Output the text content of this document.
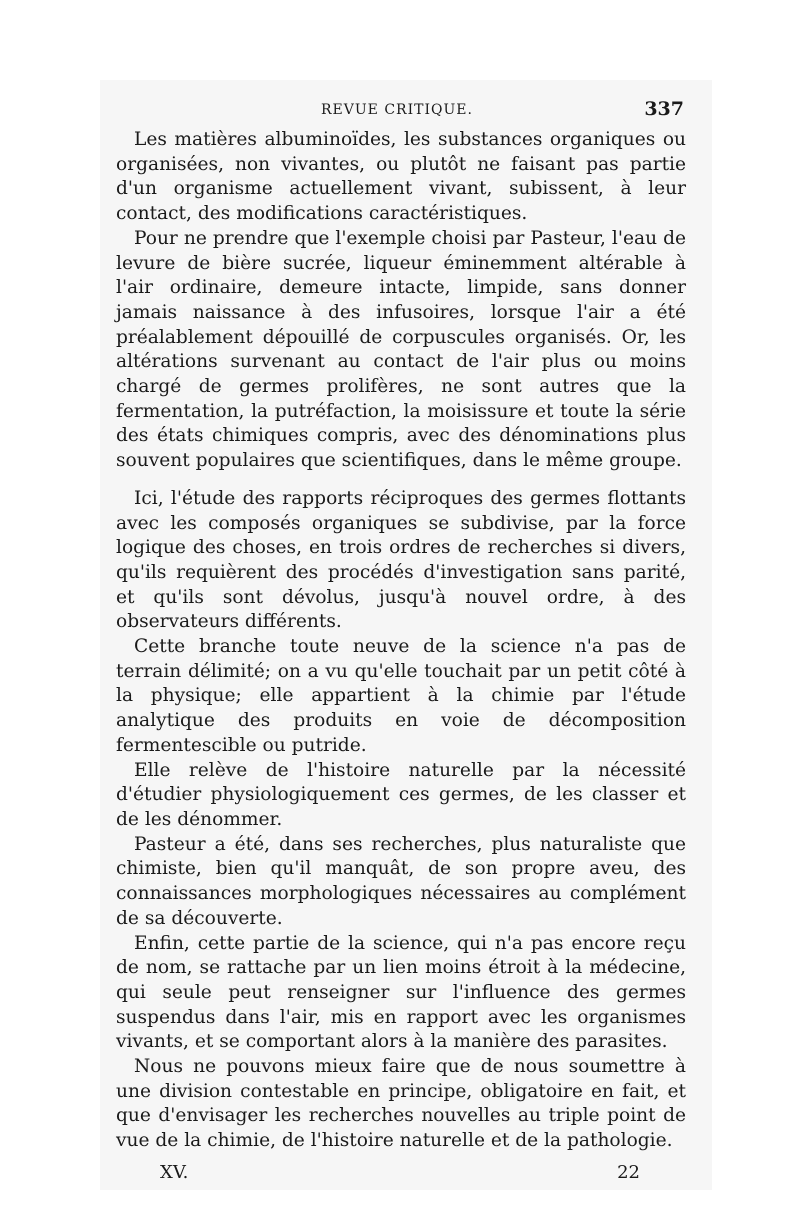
REVUE CRITIQUE.	337

Les matières albuminoïdes, les substances organiques ou organisées, non vivantes, ou plutôt ne faisant pas partie d'un organisme actuellement vivant, subissent, à leur contact, des modifications caractéristiques.

Pour ne prendre que l'exemple choisi par Pasteur, l'eau de levure de bière sucrée, liqueur éminemment altérable à l'air ordinaire, demeure intacte, limpide, sans donner jamais naissance à des infusoires, lorsque l'air a été préalablement dépouillé de corpuscules organisés. Or, les altérations survenant au contact de l'air plus ou moins chargé de germes prolifères, ne sont autres que la fermentation, la putréfaction, la moisissure et toute la série des états chimiques compris, avec des dénominations plus souvent populaires que scientifiques, dans le même groupe.

Ici, l'étude des rapports réciproques des germes flottants avec les composés organiques se subdivise, par la force logique des choses, en trois ordres de recherches si divers, qu'ils requièrent des procédés d'investigation sans parité, et qu'ils sont dévolus, jusqu'à nouvel ordre, à des observateurs différents.

Cette branche toute neuve de la science n'a pas de terrain délimité; on a vu qu'elle touchait par un petit côté à la physique; elle appartient à la chimie par l'étude analytique des produits en voie de décomposition fermentescible ou putride.

Elle relève de l'histoire naturelle par la nécessité d'étudier physiologiquement ces germes, de les classer et de les dénommer.

Pasteur a été, dans ses recherches, plus naturaliste que chimiste, bien qu'il manquât, de son propre aveu, des connaissances morphologiques nécessaires au complément de sa découverte.

Enfin, cette partie de la science, qui n'a pas encore reçu de nom, se rattache par un lien moins étroit à la médecine, qui seule peut renseigner sur l'influence des germes suspendus dans l'air, mis en rapport avec les organismes vivants, et se comportant alors à la manière des parasites.

Nous ne pouvons mieux faire que de nous soumettre à une division contestable en principe, obligatoire en fait, et que d'envisager les recherches nouvelles au triple point de vue de la chimie, de l'histoire naturelle et de la pathologie.

XV.	22
